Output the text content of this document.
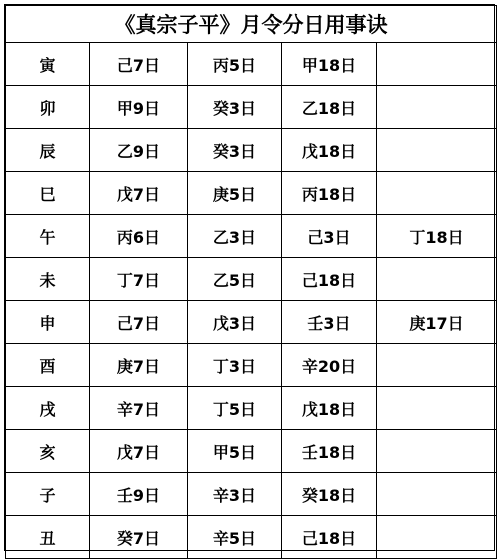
《真宗子平》月令分日用事诀				
寅	己7日	丙5日	甲18日	
卯	甲9日	癸3日	乙18日	
辰	乙9日	癸3日	戊18日	
巳	戊7日	庚5日	丙18日	
午	丙6日	乙3日	己3日	丁18日
未	丁7日	乙5日	己18日	
申	己7日	戊3日	壬3日	庚17日
酉	庚7日	丁3日	辛20日	
戌	辛7日	丁5日	戊18日	
亥	戊7日	甲5日	壬18日	
子	壬9日	辛3日	癸18日	
丑	癸7日	辛5日	己18日	
